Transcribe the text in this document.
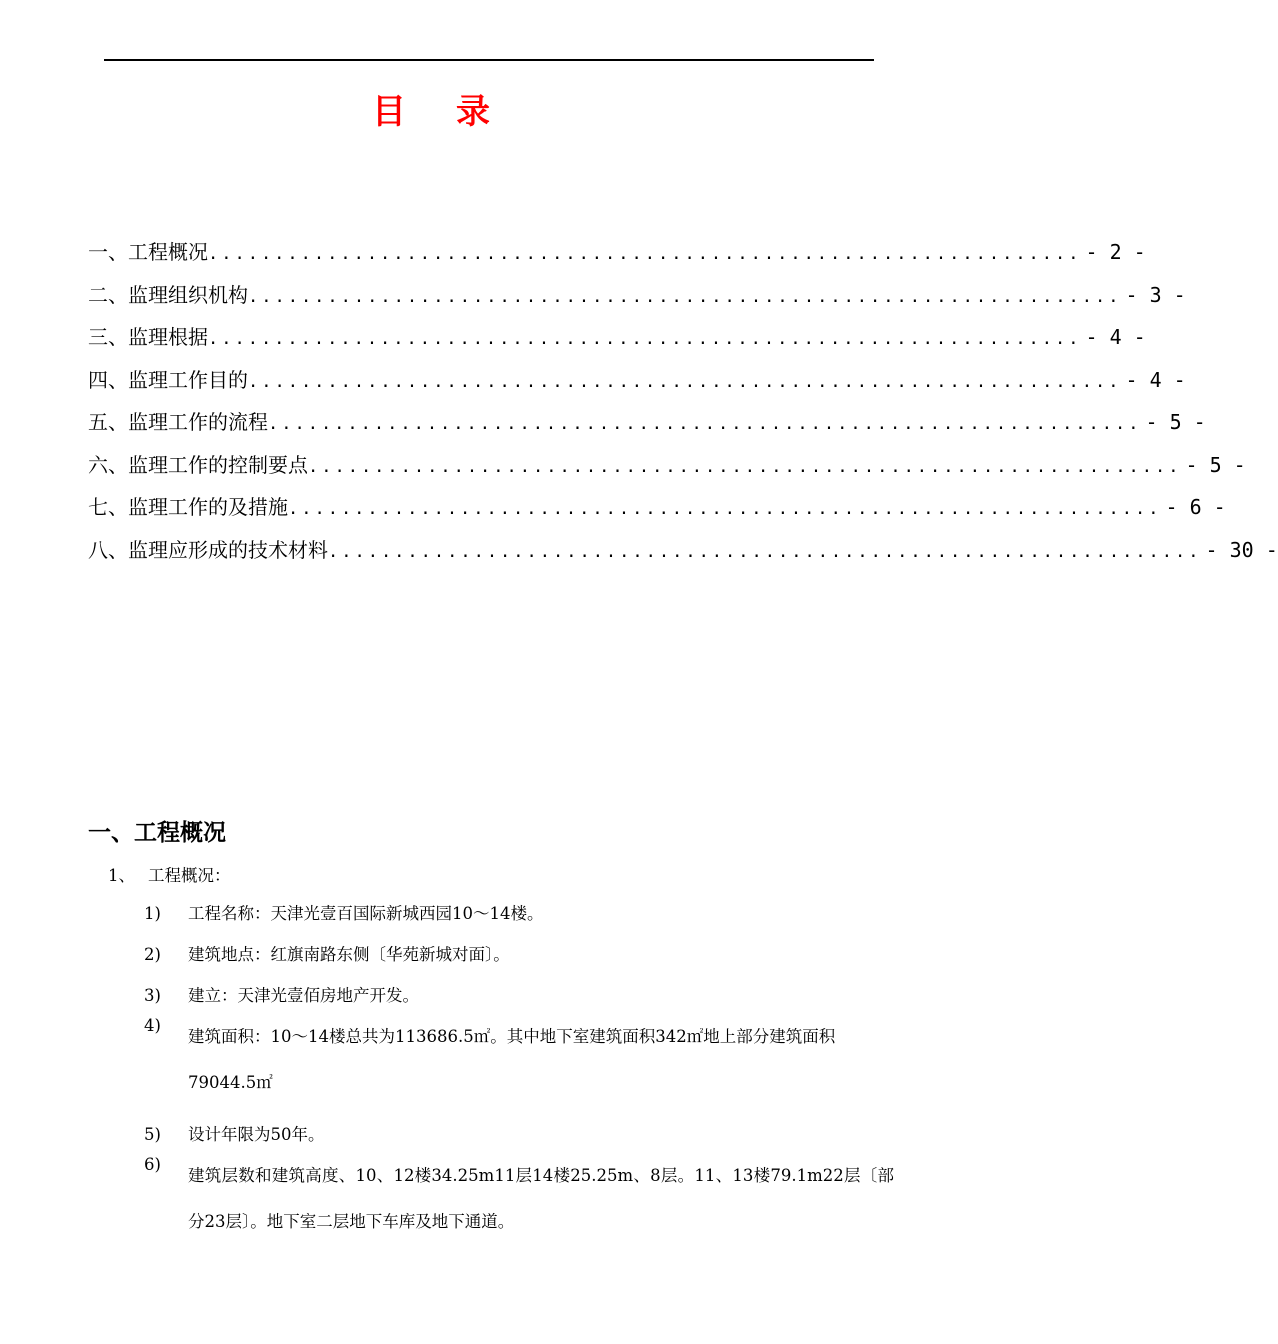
目 录
一、工程概况 .................................................................. - 2 -
二、监理组织机构 .................................................................. - 3 -
三、监理根据 .................................................................. - 4 -
四、监理工作目的 .................................................................. - 4 -
五、监理工作的流程 .................................................................. - 5 -
六、监理工作的控制要点 .................................................................. - 5 -
七、监理工作的及措施 .................................................................. - 6 -
八、监理应形成的技术材料 .................................................................. - 30 -
一、工程概况
1、 工程概况：
1)	工程名称：天津光壹百国际新城西园10～14楼。
2)	建筑地点：红旗南路东侧〔华苑新城对面〕。
3)	建立：天津光壹佰房地产开发。
4)
建筑面积：10～14楼总共为113686.5㎡。其中地下室建筑面积342㎡地上部分建筑面积79044.5㎡
5)	设计年限为50年。
6)
建筑层数和建筑高度、10、12楼34.25m11层14楼25.25m、8层。11、13楼79.1m22层〔部分23层〕。地下室二层地下车库及地下通道。
